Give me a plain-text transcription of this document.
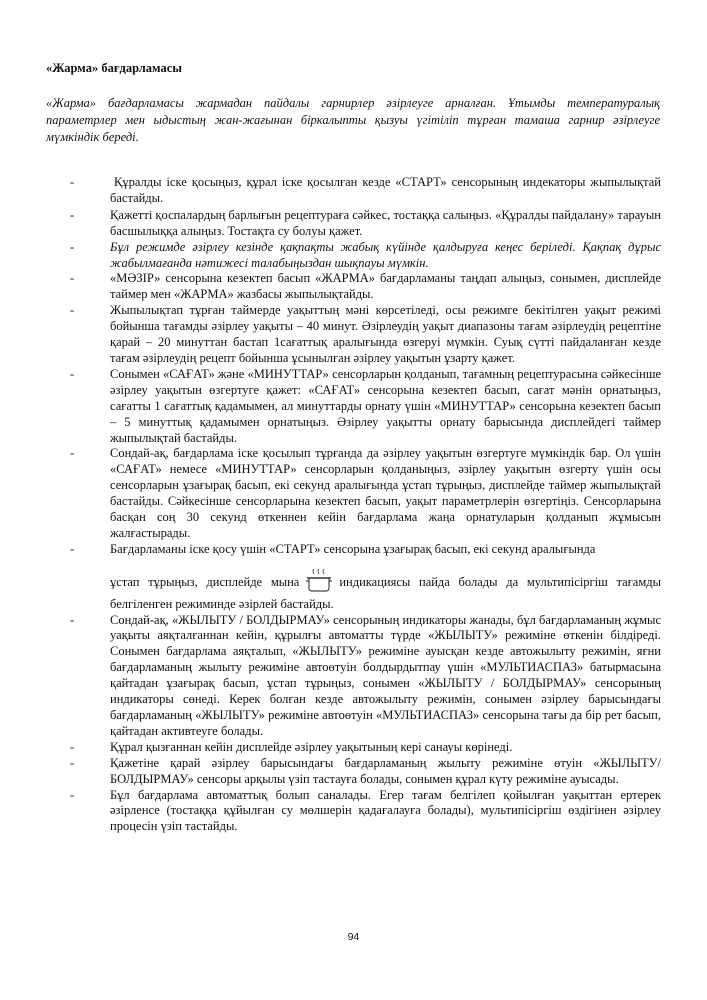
«Жарма» бағдарламасы
«Жарма» бағдарламасы жармадан пайдалы гарнирлер әзірлеуге арналған. Ұтымды температуралық параметрлер мен ыдыстың жан-жағынан біркалыпты қызуы үгітіліп тұрған тамаша гарнир әзірлеуге мүмкіндік береді.
-	Құралды іске қосыңыз, құрал іске қосылған кезде «СТАРТ» сенсорының индекаторы жыпылықтай бастайды.
-	Қажетті қоспалардың барлығын рецептураға сәйкес, тостаққа салыңыз. «Құралды пайдалану» тарауын басшылыққа алыңыз. Тостақта су болуы қажет.
-	Бұл режимде әзірлеу кезінде қақпақты жабық күйінде қалдыруға кеңес беріледі. Қақпақ дұрыс жабылмағанда нәтижесі талабыңыздан шықпауы мүмкін.
-	«МӘЗІР» сенсорына кезектеп басып «ЖАРМА» бағдарламаны таңдап алыңыз, сонымен, дисплейде таймер мен «ЖАРМА» жазбасы жыпылықтайды.
-	Жыпылықтап тұрған таймерде уақыттың мәні көрсетіледі, осы режимге бекітілген уақыт режимі бойынша тағамды әзірлеу уақыты – 40 минут. Әзірлеудің уақыт диапазоны тағам әзірлеудің рецептіне қарай – 20 минуттан бастап 1сағаттық аралығында өзгеруі мүмкін. Суық сүтті пайдаланған кезде тағам әзірлеудің рецепт бойынша ұсынылған әзірлеу уақытын ұзарту қажет.
-	Сонымен «САҒАТ» және «МИНУТТАР» сенсорларын қолданып, тағамның рецептурасына сәйкесінше әзірлеу уақытын өзгертуге қажет: «САҒАТ» сенсорына кезектеп басып, сағат мәнін орнатыңыз, сағатты 1 сағаттық қадамымен, ал минуттарды орнату үшін «МИНУТТАР» сенсорына кезектеп басып – 5 минуттық қадамымен орнатыңыз. Әзірлеу уақытты орнату барысында дисплейдегі таймер жыпылықтай бастайды.
-	Сондай-ақ, бағдарлама іске қосылып тұрғанда да әзірлеу уақытын өзгертуге мүмкіндік бар. Ол үшін «САҒАТ» немесе «МИНУТТАР» сенсорларын қолданыңыз, әзірлеу уақытын өзгерту үшін осы сенсорларын ұзағырақ басып, екі секунд аралығында ұстап тұрыңыз, дисплейде таймер жыпылықтай бастайды. Сәйкесінше сенсорларына кезектеп басып, уақыт параметрлерін өзгертіңіз. Сенсорларына басқан соң 30 секунд өткеннен кейін бағдарлама жаңа орнатуларын қолданып жұмысын жалғастырады.
-	Бағдарламаны іске қосу үшін «СТАРТ» сенсорына ұзағырақ басып, екі секунд аралығында
ұстап тұрыңыз, дисплейде мына	индикациясы пайда болады да мультипісіргіш тағамды белгіленген режиминде әзірлей бастайды.
-	Сондай-ақ, «ЖЫЛЫТУ / БОЛДЫРМАУ» сенсорының индикаторы жанады, бұл бағдарламаның жұмыс уақыты аяқталғаннан кейін, құрылғы автоматты түрде «ЖЫЛЫТУ» режиміне өткенін білдіреді. Сонымен бағдарлама аяқталып, «ЖЫЛЫТУ» режиміне ауысқан кезде автожылыту режимін, яғни бағдарламаның жылыту режиміне автоөтуін болдырдытпау үшін «МУЛЬТИАСПАЗ» батырмасына қайтадан ұзағырақ басып, ұстап тұрыңыз, сонымен «ЖЫЛЫТУ / БОЛДЫРМАУ» сенсорының индикаторы сөнеді. Керек болған кезде автожылыту режимін, сонымен әзірлеу барысындағы бағдарламаның «ЖЫЛЫТУ» режиміне автоөтуін «МУЛЬТИАСПАЗ» сенсорына тағы да бір рет басып, қайтадан активтеуге болады.
-	Құрал қызғаннан кейін дисплейде әзірлеу уақытының кері санауы көрінеді.
-	Қажетіне қарай әзірлеу барысындағы бағдарламаның жылыту режиміне өтуін «ЖЫЛЫТУ/БОЛДЫРМАУ» сенсоры арқылы үзіп тастауға болады, сонымен құрал күту режиміне ауысады.
-	Бұл бағдарлама автоматтық болып саналады. Егер тағам белгілеп қойылған уақыттан ертерек әзірленсе (тостаққа құйылған су мөлшерін қадағалауға болады), мультипісіргіш өздігінен әзірлеу процесін үзіп тастайды.
94
